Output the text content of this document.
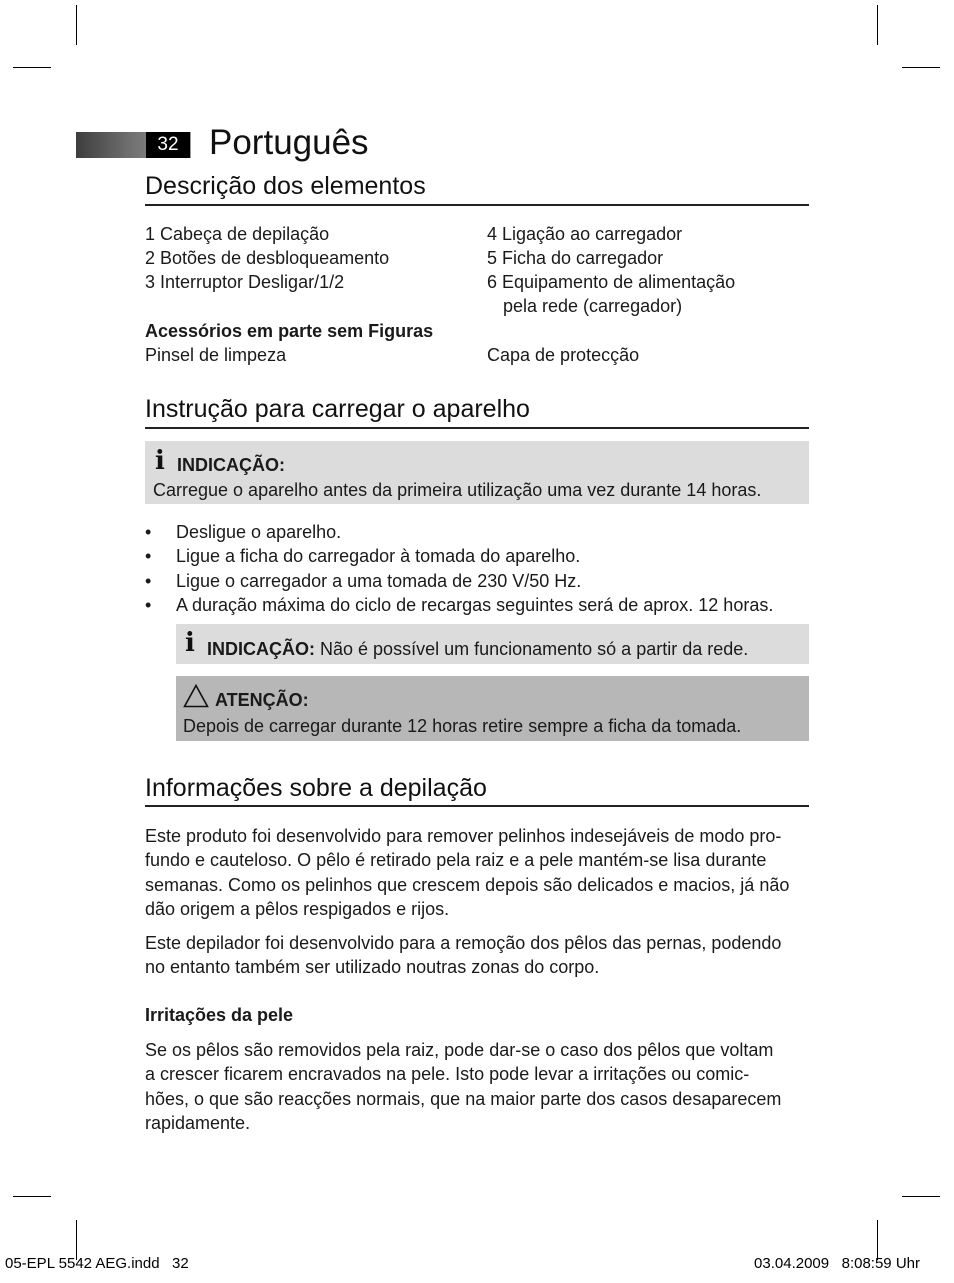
32 Português
Descrição dos elementos
1 Cabeça de depilação
2 Botões de desbloqueamento
3 Interruptor Desligar/1/2
4 Ligação ao carregador
5 Ficha do carregador
6 Equipamento de alimentação
pela rede (carregador)
Acessórios em parte sem Figuras
Pinsel de limpeza	Capa de protecção
Instrução para carregar o aparelho
i INDICAÇÃO:
Carregue o aparelho antes da primeira utilização uma vez durante 14 horas.
• Desligue o aparelho.
• Ligue a ficha do carregador à tomada do aparelho.
• Ligue o carregador a uma tomada de 230 V/50 Hz.
• A duração máxima do ciclo de recargas seguintes será de aprox. 12 horas.
i INDICAÇÃO: Não é possível um funcionamento só a partir da rede.
ATENÇÃO:
Depois de carregar durante 12 horas retire sempre a ficha da tomada.
Informações sobre a depilação
Este produto foi desenvolvido para remover pelinhos indesejáveis de modo pro-
fundo e cauteloso. O pêlo é retirado pela raiz e a pele mantém-se lisa durante
semanas. Como os pelinhos que crescem depois são delicados e macios, já não
dão origem a pêlos respigados e rijos.
Este depilador foi desenvolvido para a remoção dos pêlos das pernas, podendo
no entanto também ser utilizado noutras zonas do corpo.
Irritações da pele
Se os pêlos são removidos pela raiz, pode dar-se o caso dos pêlos que voltam
a crescer ficarem encravados na pele. Isto pode levar a irritações ou comic-
hões, o que são reacções normais, que na maior parte dos casos desaparecem
rapidamente.
05-EPL 5542 AEG.indd   32	03.04.2009   8:08:59 Uhr
